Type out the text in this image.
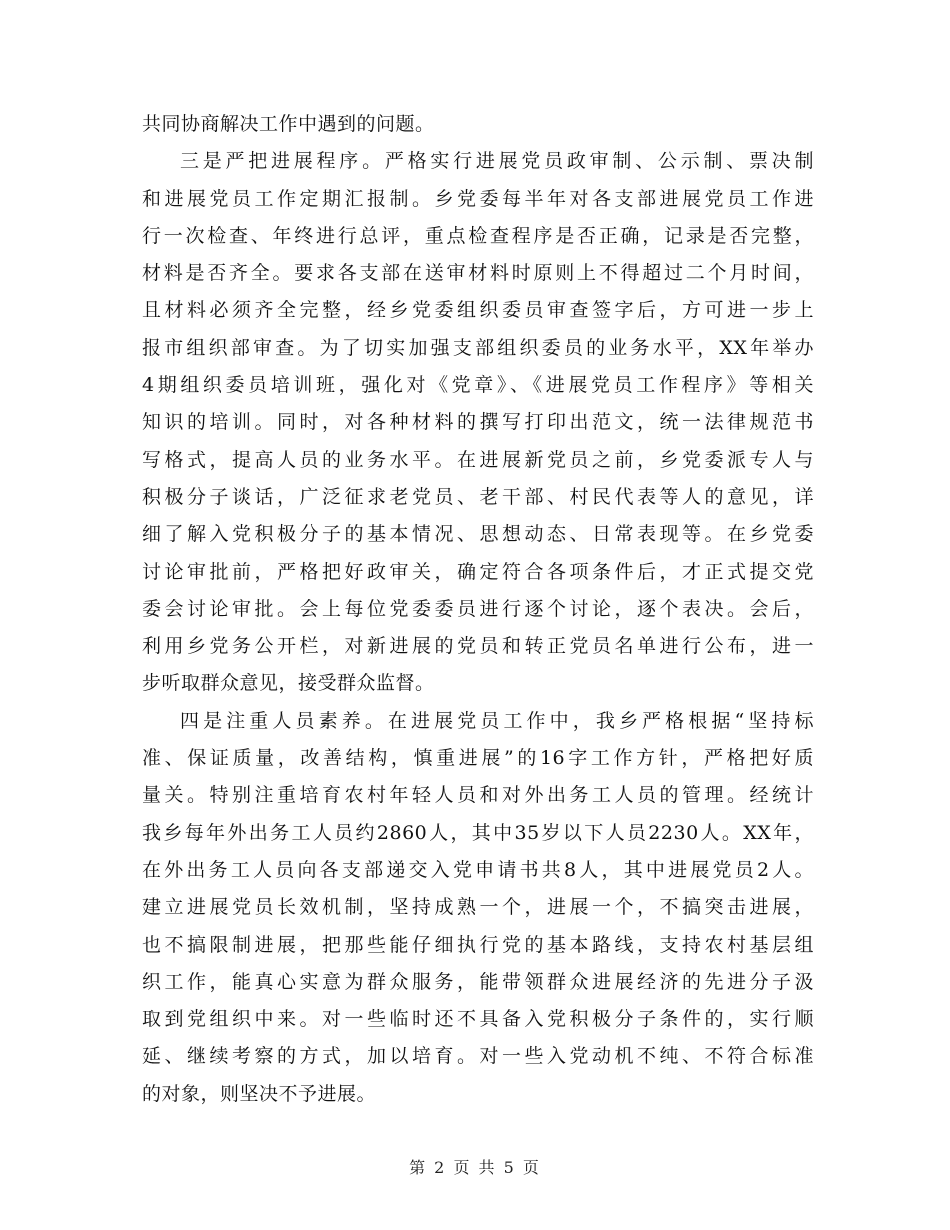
共同协商解决工作中遇到的问题。
三是严把进展程序。严格实行进展党员政审制、公示制、票决制
和进展党员工作定期汇报制。乡党委每半年对各支部进展党员工作进
行一次检查、年终进行总评，重点检查程序是否正确，记录是否完整，
材料是否齐全。要求各支部在送审材料时原则上不得超过二个月时间，
且材料必须齐全完整，经乡党委组织委员审查签字后，方可进一步上
报市组织部审查。为了切实加强支部组织委员的业务水平，XX年举办
4期组织委员培训班，强化对《党章》、《进展党员工作程序》等相关
知识的培训。同时，对各种材料的撰写打印出范文，统一法律规范书
写格式，提高人员的业务水平。在进展新党员之前，乡党委派专人与
积极分子谈话，广泛征求老党员、老干部、村民代表等人的意见，详
细了解入党积极分子的基本情况、思想动态、日常表现等。在乡党委
讨论审批前，严格把好政审关，确定符合各项条件后，才正式提交党
委会讨论审批。会上每位党委委员进行逐个讨论，逐个表决。会后，
利用乡党务公开栏，对新进展的党员和转正党员名单进行公布，进一
步听取群众意见，接受群众监督。
四是注重人员素养。在进展党员工作中，我乡严格根据“坚持标
准、保证质量，改善结构，慎重进展”的16字工作方针，严格把好质
量关。特别注重培育农村年轻人员和对外出务工人员的管理。经统计
我乡每年外出务工人员约2860人，其中35岁以下人员2230人。XX年，
在外出务工人员向各支部递交入党申请书共8人，其中进展党员2人。
建立进展党员长效机制，坚持成熟一个，进展一个，不搞突击进展，
也不搞限制进展，把那些能仔细执行党的基本路线，支持农村基层组
织工作，能真心实意为群众服务，能带领群众进展经济的先进分子汲
取到党组织中来。对一些临时还不具备入党积极分子条件的，实行顺
延、继续考察的方式，加以培育。对一些入党动机不纯、不符合标准
的对象，则坚决不予进展。
第 2 页 共 5 页
